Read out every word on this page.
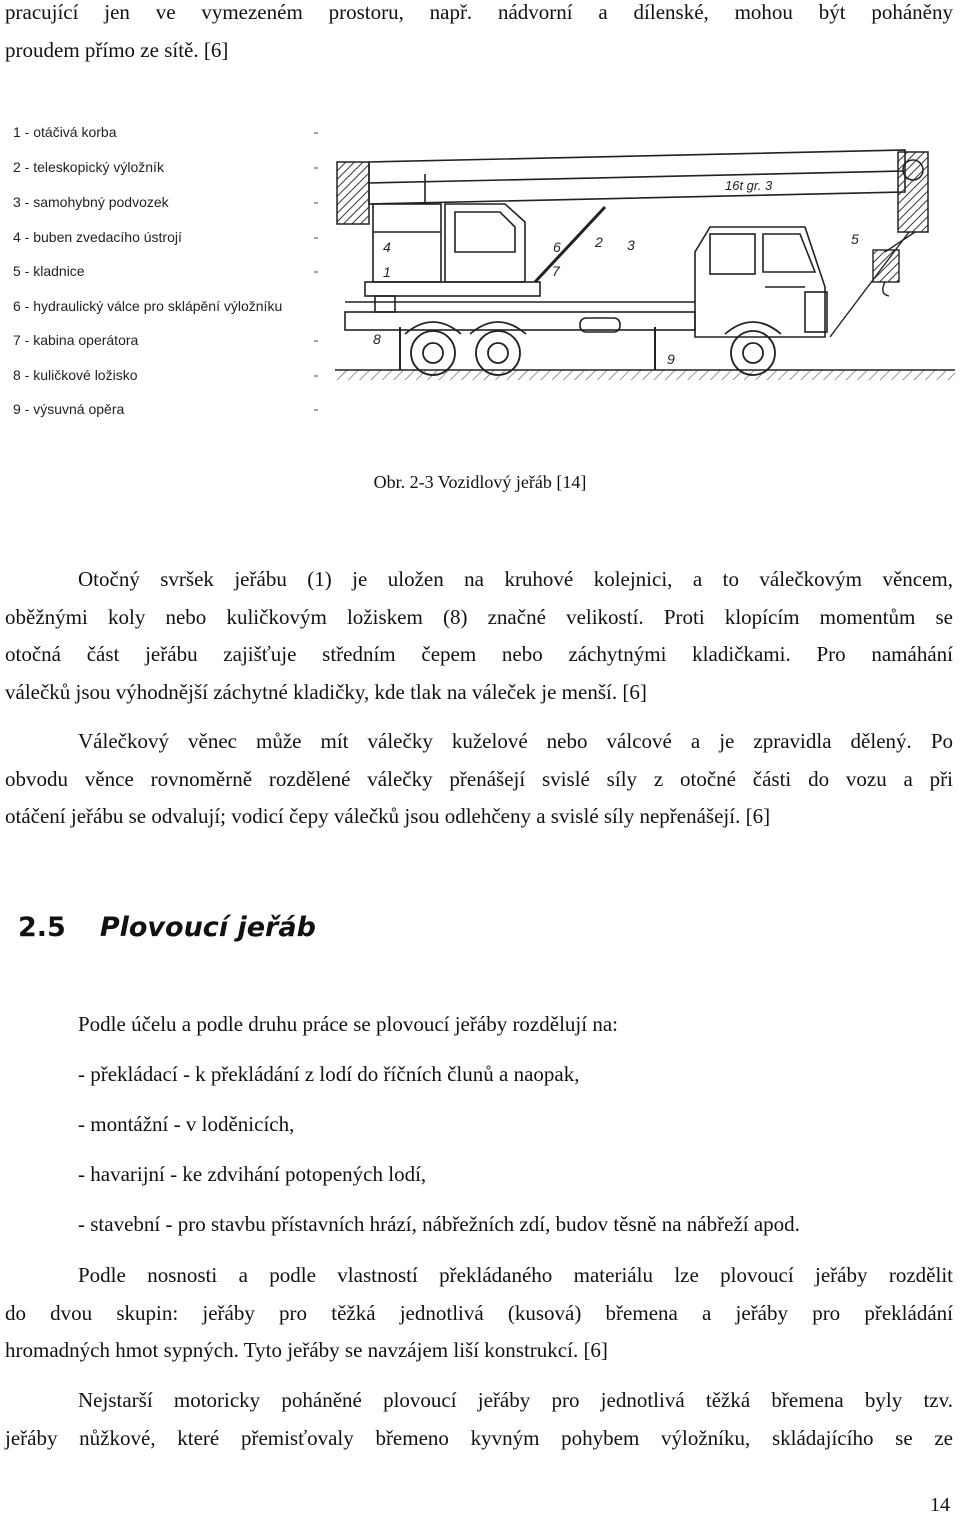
pracující jen ve vymezeném prostoru, např. nádvorní a dílenské, mohou být poháněny
proudem přímo ze sítě. [6]

1 - otáčivá korba
2 - teleskopický výložník
3 - samohybný podvozek
4 - buben zvedacího ústrojí
5 - kladnice
6 - hydraulický válce pro sklápění výložníku
7 - kabina operátora
8 - kuličkové ložisko
9 - výsuvná opěra
16t gr. 3
4
1
6 2 3
7
5
9
8
Obr. 2-3 Vozidlový jeřáb [14]

Otočný svršek jeřábu (1) je uložen na kruhové kolejnici, a to válečkovým věncem,
oběžnými koly nebo kuličkovým ložiskem (8) značné velikostí. Proti klopícím momentům se
otočná část jeřábu zajišťuje středním čepem nebo záchytnými kladičkami. Pro namáhání
válečků jsou výhodnější záchytné kladičky, kde tlak na váleček je menší. [6]

Válečkový věnec může mít válečky kuželové nebo válcové a je zpravidla dělený. Po
obvodu věnce rovnoměrně rozdělené válečky přenášejí svislé síly z otočné části do vozu a při
otáčení jeřábu se odvalují; vodicí čepy válečků jsou odlehčeny a svislé síly nepřenášejí. [6]

2.5 Plovoucí jeřáb
Podle účelu a podle druhu práce se plovoucí jeřáby rozdělují na:
- překládací - k překládání z lodí do říčních člunů a naopak,
- montážní - v loděnicích,
- havarijní - ke zdvihání potopených lodí,
- stavební - pro stavbu přístavních hrází, nábřežních zdí, budov těsně na nábřeží apod.

Podle nosnosti a podle vlastností překládaného materiálu lze plovoucí jeřáby rozdělit
do dvou skupin: jeřáby pro těžká jednotlivá (kusová) břemena a jeřáby pro překládání
hromadných hmot sypných. Tyto jeřáby se navzájem liší konstrukcí. [6]

Nejstarší motoricky poháněné plovoucí jeřáby pro jednotlivá těžká břemena byly tzv.
jeřáby nůžkové, které přemisťovaly břemeno kyvným pohybem výložníku, skládajícího se ze

14
